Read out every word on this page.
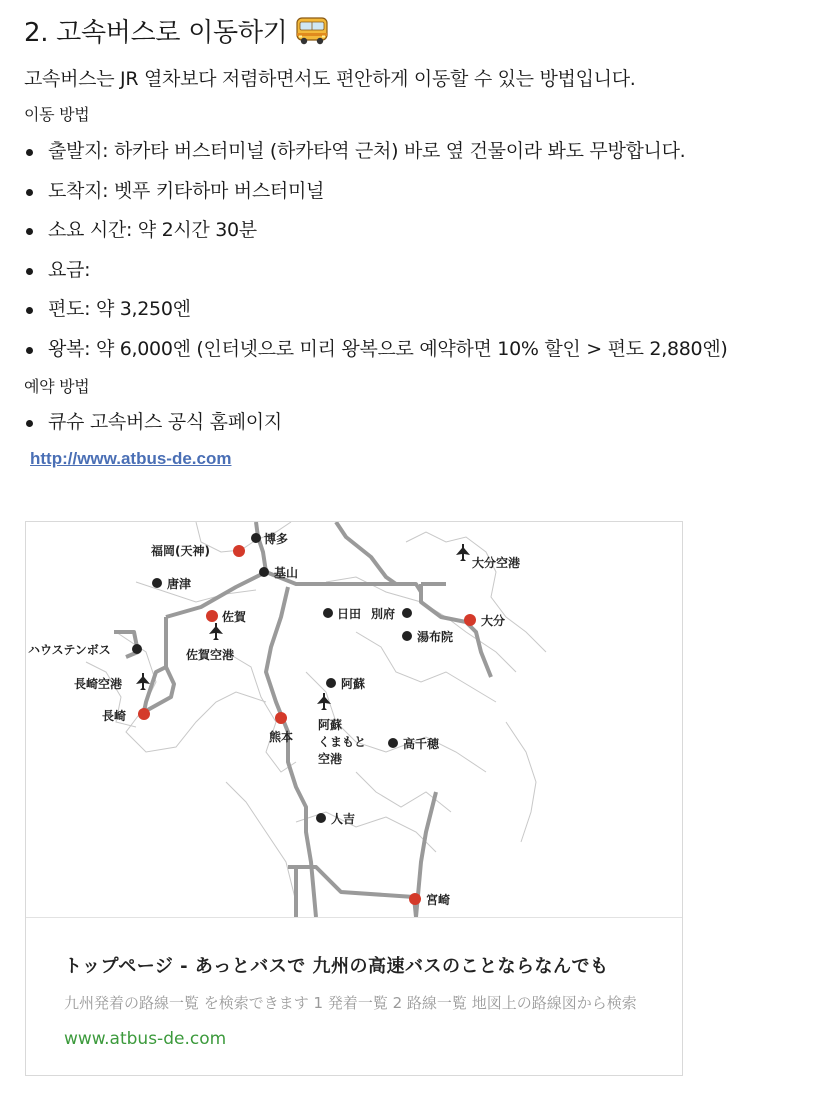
2. 고속버스로 이동하기
고속버스는 JR 열차보다 저렴하면서도 편안하게 이동할 수 있는 방법입니다.
이동 방법
출발지: 하카타 버스터미널 (하카타역 근처) 바로 옆 건물이라 봐도 무방합니다.
도착지: 벳푸 키타하마 버스터미널
소요 시간: 약 2시간 30분
요금:
편도: 약 3,250엔
왕복: 약 6,000엔 (인터넷으로 미리 왕복으로 예약하면 10% 할인 > 편도 2,880엔)
예약 방법
큐슈 고속버스 공식 홈페이지
http://www.atbus-de.com
福岡(天神)
博多
唐津
基山
佐賀
佐賀空港
日田 別府
湯布院
大分
大分空港
ハウステンボス
長崎空港
長崎
阿蘇
熊本
阿蘇
くまもと
空港
高千穂
人吉
宮崎
トップページ - あっとバスで 九州の高速バスのことならなんでも
九州発着の路線一覧 を検索できます 1 発着一覧 2 路線一覧 地図上の路線図から検索
www.atbus-de.com
